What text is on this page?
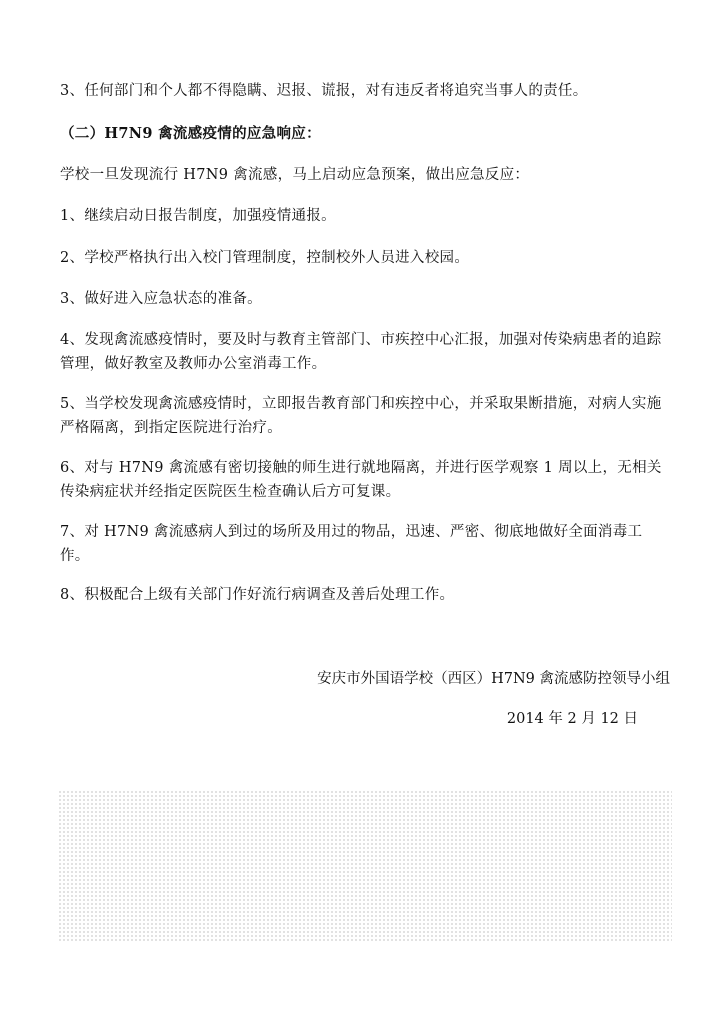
3、任何部门和个人都不得隐瞒、迟报、谎报，对有违反者将追究当事人的责任。
（二）H7N9 禽流感疫情的应急响应：
学校一旦发现流行 H7N9 禽流感，马上启动应急预案，做出应急反应：
1、继续启动日报告制度，加强疫情通报。
2、学校严格执行出入校门管理制度，控制校外人员进入校园。
3、做好进入应急状态的准备。
4、发现禽流感疫情时，要及时与教育主管部门、市疾控中心汇报，加强对传染病患者的追踪管理，做好教室及教师办公室消毒工作。
5、当学校发现禽流感疫情时，立即报告教育部门和疾控中心，并采取果断措施，对病人实施严格隔离，到指定医院进行治疗。
6、对与 H7N9 禽流感有密切接触的师生进行就地隔离，并进行医学观察 1 周以上，无相关传染病症状并经指定医院医生检查确认后方可复课。
7、对 H7N9 禽流感病人到过的场所及用过的物品，迅速、严密、彻底地做好全面消毒工作。
8、积极配合上级有关部门作好流行病调查及善后处理工作。
安庆市外国语学校（西区）H7N9 禽流感防控领导小组
2014 年 2 月 12 日
